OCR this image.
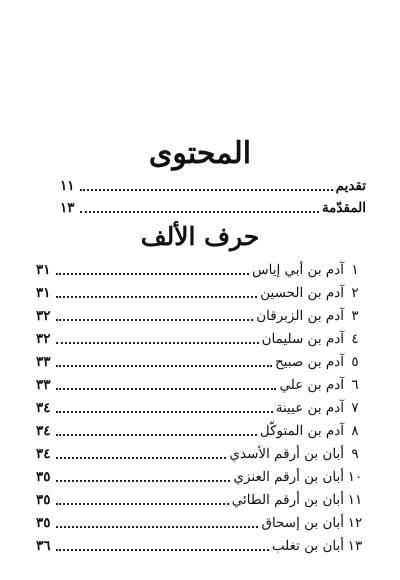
المحتوى
تقديم
١١
المقدّمة
١٣
حرف الألف
١
آدم بن أبي إياس
٣١
٢
آدم بن الحسين
٣١
٣
آدم بن الزبرقان
٣٢
٤
آدم بن سليمان
٣٢
٥
آدم بن صبيح
٣٣
٦
آدم بن علي
٣٣
٧
آدم بن عيينة
٣٤
٨
آدم بن المتوكّل
٣٤
٩
أبان بن أرقم الأسدي
٣٤
١٠
أبان بن أرقم العنزي
٣٥
١١
أبان بن أرقم الطائي
٣٥
١٢
أبان بن إسحاق
٣٥
١٣
أبان بن تغلب
٣٦
